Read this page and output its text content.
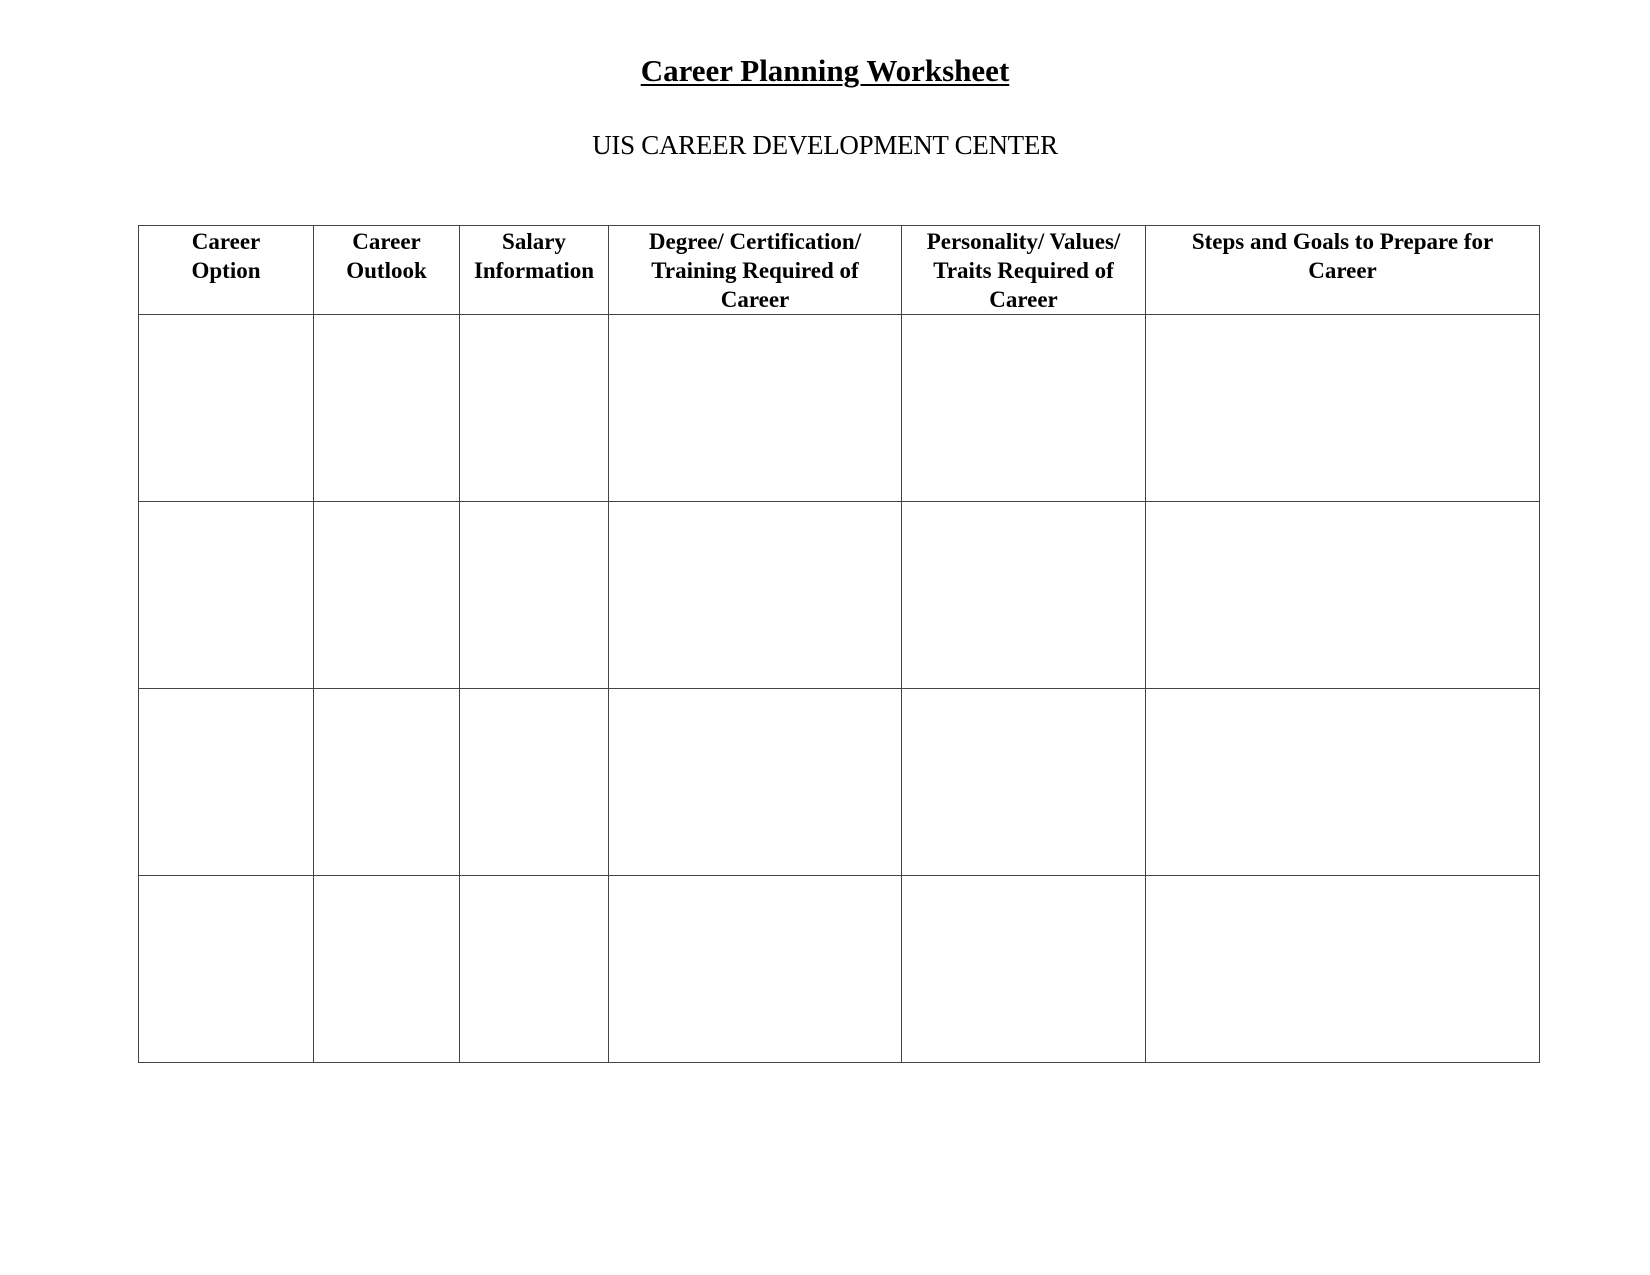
Career Planning Worksheet
UIS CAREER DEVELOPMENT CENTER
Career Option	Career Outlook	Salary Information	Degree/ Certification/ Training Required of Career	Personality/ Values/ Traits Required of Career	Steps and Goals to Prepare for Career
